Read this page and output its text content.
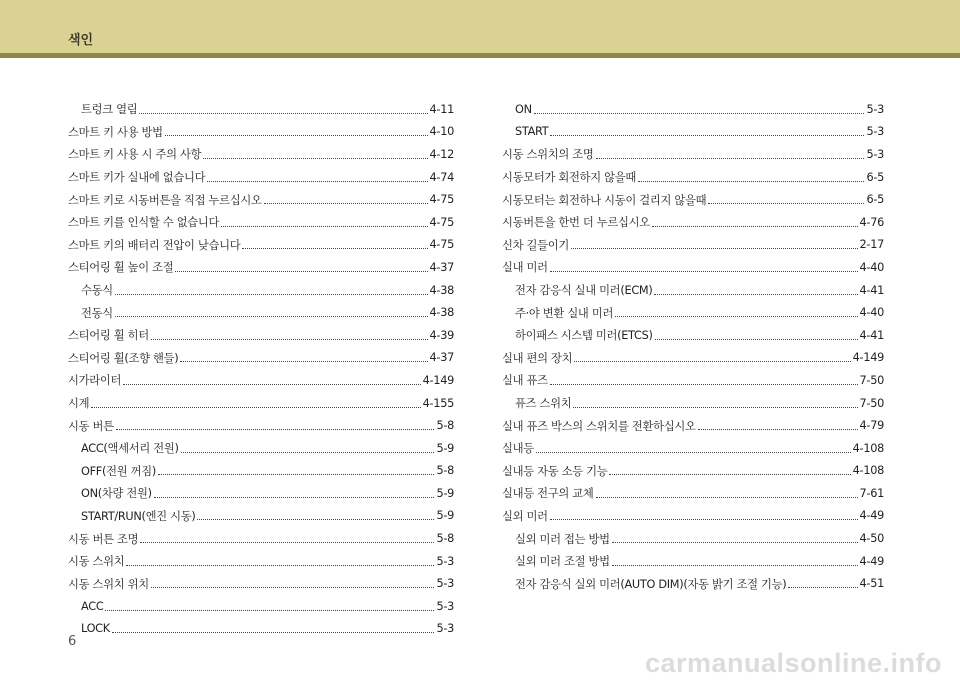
색인
트렁크 열림	4-11
스마트 키 사용 방법	4-10
스마트 키 사용 시 주의 사항	4-12
스마트 키가 실내에 없습니다	4-74
스마트 키로 시동버튼을 직접 누르십시오	4-75
스마트 키를 인식할 수 없습니다	4-75
스마트 키의 배터리 전압이 낮습니다	4-75
스티어링 휠 높이 조절	4-37
수동식	4-38
전동식	4-38
스티어링 휠 히터	4-39
스티어링 휠(조향 핸들)	4-37
시가라이터	4-149
시계	4-155
시동 버튼	5-8
ACC(액세서리 전원)	5-9
OFF(전원 꺼짐)	5-8
ON(차량 전원)	5-9
START/RUN(엔진 시동)	5-9
시동 버튼 조명	5-8
시동 스위치	5-3
시동 스위치 위치	5-3
ACC	5-3
LOCK	5-3
ON	5-3
START	5-3
시동 스위치의 조명	5-3
시동모터가 회전하지 않을때	6-5
시동모터는 회전하나 시동이 걸리지 않을때	6-5
시동버튼을 한번 더 누르십시오	4-76
신차 길들이기	2-17
실내 미러	4-40
전자 감응식 실내 미러(ECM)	4-41
주·야 변환 실내 미러	4-40
하이패스 시스템 미러(ETCS)	4-41
실내 편의 장치	4-149
실내 퓨즈	7-50
퓨즈 스위치	7-50
실내 퓨즈 박스의 스위치를 전환하십시오	4-79
실내등	4-108
실내등 자동 소등 기능	4-108
실내등 전구의 교체	7-61
실외 미러	4-49
실외 미러 접는 방법	4-50
실외 미러 조절 방법	4-49
전자 감응식 실외 미러(AUTO DIM)(자동 밝기 조절 기능)	4-51
6
carmanualsonline.info
